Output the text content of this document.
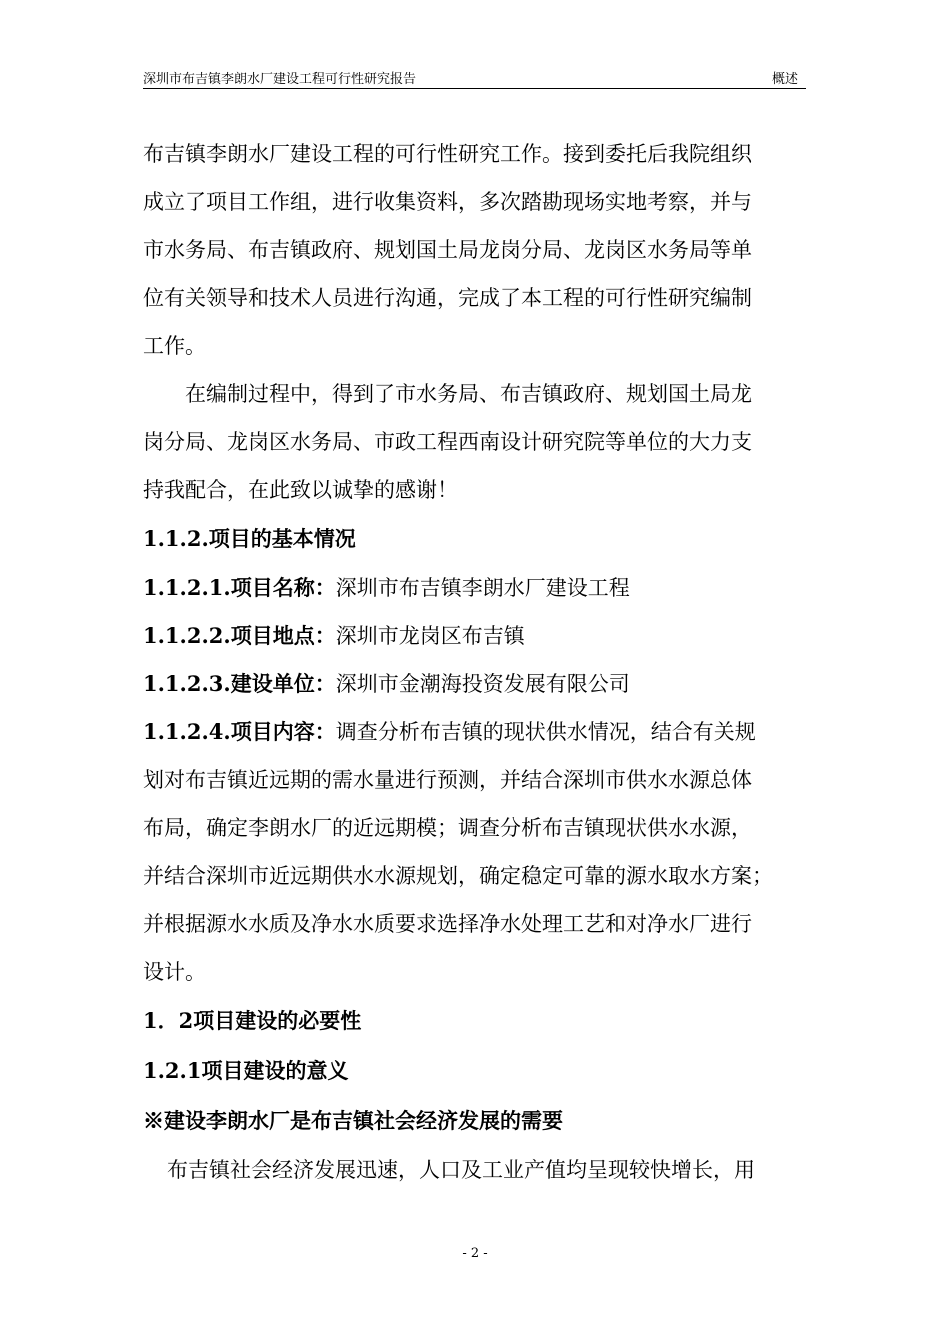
深圳市布吉镇李朗水厂建设工程可行性研究报告	概述
布吉镇李朗水厂建设工程的可行性研究工作。接到委托后我院组织
成立了项目工作组，进行收集资料，多次踏勘现场实地考察，并与
市水务局、布吉镇政府、规划国土局龙岗分局、龙岗区水务局等单
位有关领导和技术人员进行沟通，完成了本工程的可行性研究编制
工作。
在编制过程中，得到了市水务局、布吉镇政府、规划国土局龙
岗分局、龙岗区水务局、市政工程西南设计研究院等单位的大力支
持我配合，在此致以诚挚的感谢！
1.1.2.项目的基本情况
1.1.2.1.项目名称：深圳市布吉镇李朗水厂建设工程
1.1.2.2.项目地点：深圳市龙岗区布吉镇
1.1.2.3.建设单位：深圳市金潮海投资发展有限公司
1.1.2.4.项目内容：调查分析布吉镇的现状供水情况，结合有关规
划对布吉镇近远期的需水量进行预测，并结合深圳市供水水源总体
布局，确定李朗水厂的近远期模；调查分析布吉镇现状供水水源，
并结合深圳市近远期供水水源规划，确定稳定可靠的源水取水方案；
并根据源水水质及净水水质要求选择净水处理工艺和对净水厂进行
设计。
1．2项目建设的必要性
1.2.1项目建设的意义
※建设李朗水厂是布吉镇社会经济发展的需要
布吉镇社会经济发展迅速，人口及工业产值均呈现较快增长，用
- 2 -
